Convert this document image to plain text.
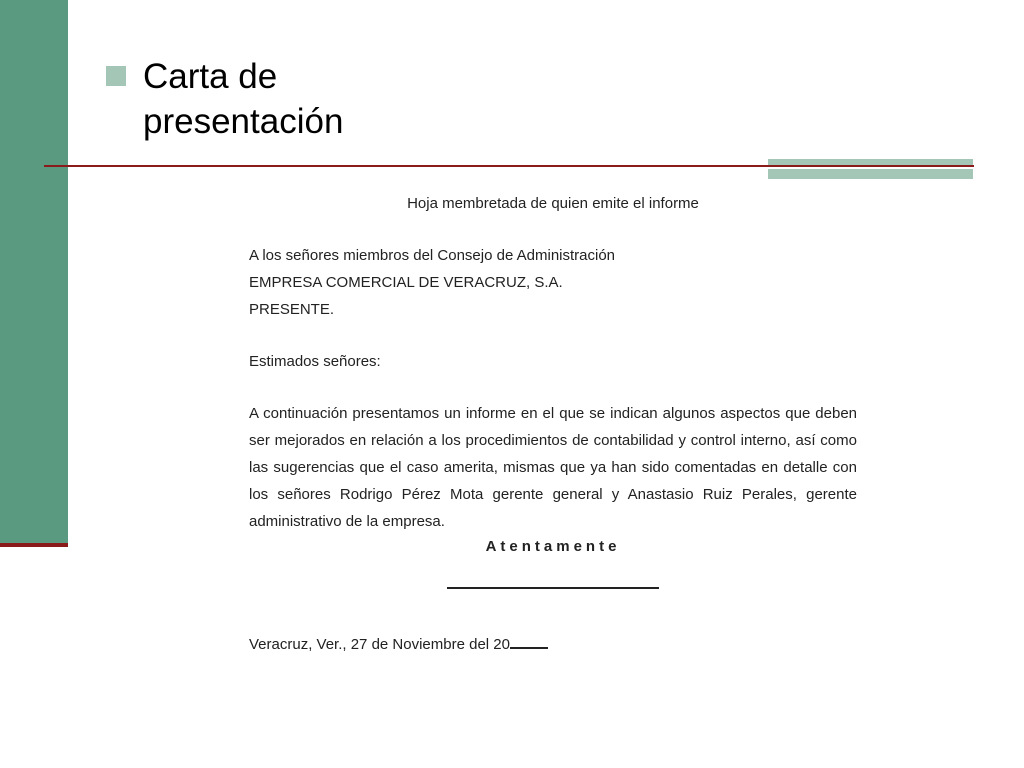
Carta de
presentación
Hoja membretada de quien emite el informe
A los señores miembros del Consejo de Administración
EMPRESA COMERCIAL DE VERACRUZ, S.A.
PRESENTE.
Estimados señores:

A continuación presentamos un informe en el que se indican algunos aspectos que deben ser mejorados en relación a los procedimientos de contabilidad y control interno, así como las sugerencias que el caso amerita, mismas que ya han sido comentadas en detalle con los señores Rodrigo Pérez Mota gerente general y Anastasio Ruiz Perales, gerente administrativo de la empresa.

Atentamente
Veracruz, Ver., 27 de Noviembre del 20
